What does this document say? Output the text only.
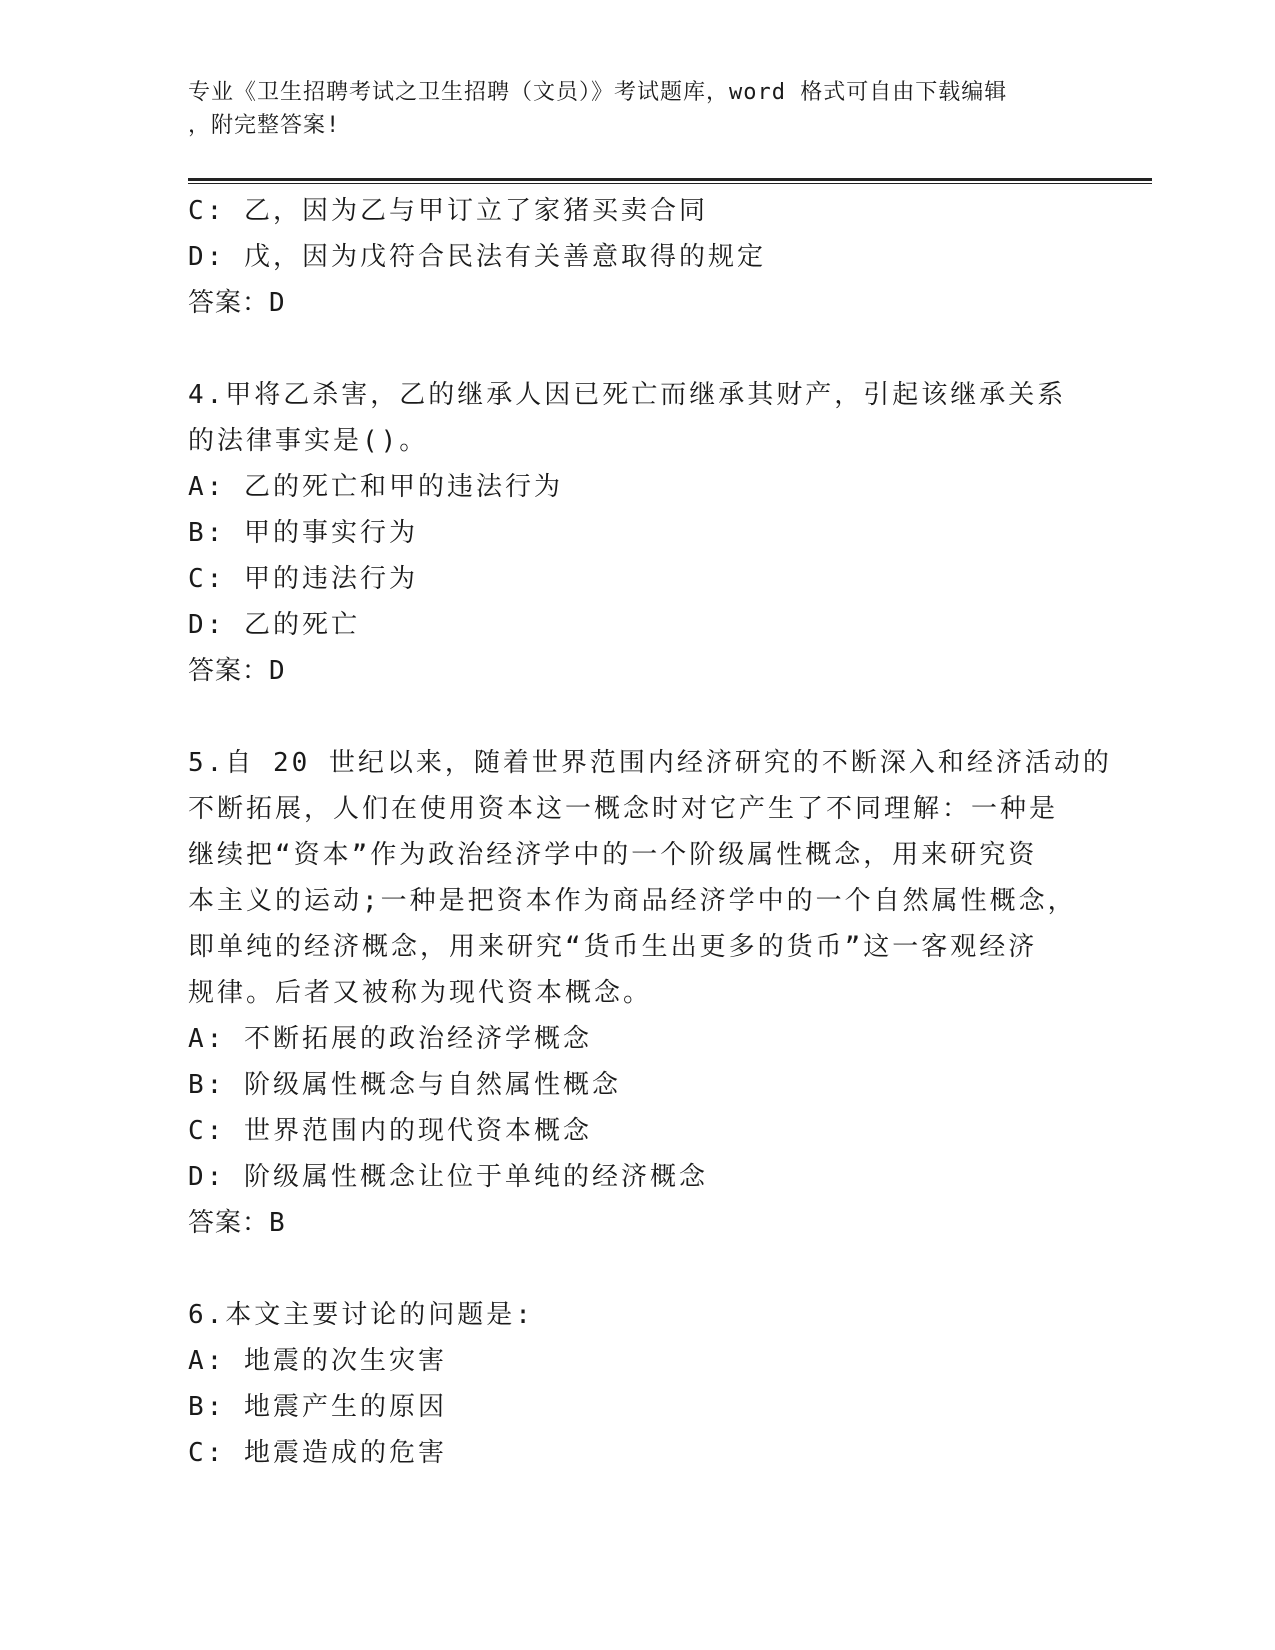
专业《卫生招聘考试之卫生招聘（文员）》考试题库，word 格式可自由下载编辑
，附完整答案!
C: 乙，因为乙与甲订立了家猪买卖合同
D: 戊，因为戊符合民法有关善意取得的规定
答案：D
4.甲将乙杀害，乙的继承人因已死亡而继承其财产，引起该继承关系
的法律事实是()。
A: 乙的死亡和甲的违法行为
B: 甲的事实行为
C: 甲的违法行为
D: 乙的死亡
答案：D
5.自 20 世纪以来，随着世界范围内经济研究的不断深入和经济活动的
不断拓展，人们在使用资本这一概念时对它产生了不同理解：一种是
继续把“资本”作为政治经济学中的一个阶级属性概念，用来研究资
本主义的运动;一种是把资本作为商品经济学中的一个自然属性概念，
即单纯的经济概念，用来研究“货币生出更多的货币”这一客观经济
规律。后者又被称为现代资本概念。
A: 不断拓展的政治经济学概念
B: 阶级属性概念与自然属性概念
C: 世界范围内的现代资本概念
D: 阶级属性概念让位于单纯的经济概念
答案：B
6.本文主要讨论的问题是:
A: 地震的次生灾害
B: 地震产生的原因
C: 地震造成的危害
